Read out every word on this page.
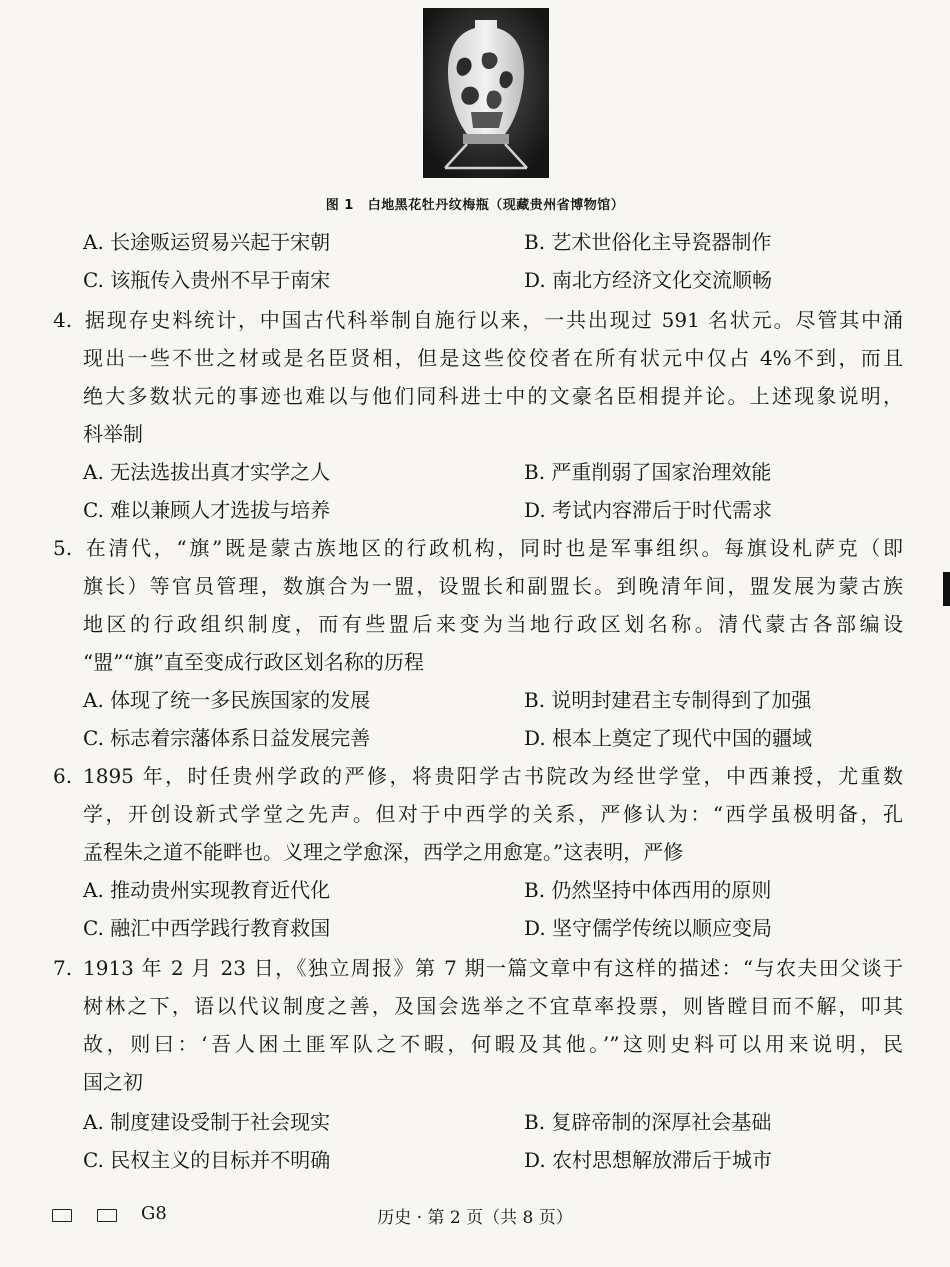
图 1 白地黑花牡丹纹梅瓶（现藏贵州省博物馆）
A. 长途贩运贸易兴起于宋朝	B. 艺术世俗化主导瓷器制作
C. 该瓶传入贵州不早于南宋	D. 南北方经济文化交流顺畅
4. 据现存史料统计，中国古代科举制自施行以来，一共出现过 591 名状元。尽管其中涌
现出一些不世之材或是名臣贤相，但是这些佼佼者在所有状元中仅占 4%不到，而且
绝大多数状元的事迹也难以与他们同科进士中的文豪名臣相提并论。上述现象说明，
科举制
A. 无法选拔出真才实学之人	B. 严重削弱了国家治理效能
C. 难以兼顾人才选拔与培养	D. 考试内容滞后于时代需求
5. 在清代，“旗”既是蒙古族地区的行政机构，同时也是军事组织。每旗设札萨克（即
旗长）等官员管理，数旗合为一盟，设盟长和副盟长。到晚清年间，盟发展为蒙古族
地区的行政组织制度，而有些盟后来变为当地行政区划名称。清代蒙古各部编设
“盟”“旗”直至变成行政区划名称的历程
A. 体现了统一多民族国家的发展	B. 说明封建君主专制得到了加强
C. 标志着宗藩体系日益发展完善	D. 根本上奠定了现代中国的疆域
6. 1895 年，时任贵州学政的严修，将贵阳学古书院改为经世学堂，中西兼授，尤重数
学，开创设新式学堂之先声。但对于中西学的关系，严修认为：“西学虽极明备，孔
孟程朱之道不能畔也。义理之学愈深，西学之用愈寔。”这表明，严修
A. 推动贵州实现教育近代化	B. 仍然坚持中体西用的原则
C. 融汇中西学践行教育救国	D. 坚守儒学传统以顺应变局
7. 1913 年 2 月 23 日，《独立周报》第 7 期一篇文章中有这样的描述：“与农夫田父谈于
树林之下，语以代议制度之善，及国会选举之不宜草率投票，则皆瞠目而不解，叩其
故，则曰：‘吾人困土匪军队之不暇，何暇及其他。’”这则史料可以用来说明，民
国之初
A. 制度建设受制于社会现实	B. 复辟帝制的深厚社会基础
C. 民权主义的目标并不明确	D. 农村思想解放滞后于城市
G8	历史 · 第 2 页（共 8 页）
